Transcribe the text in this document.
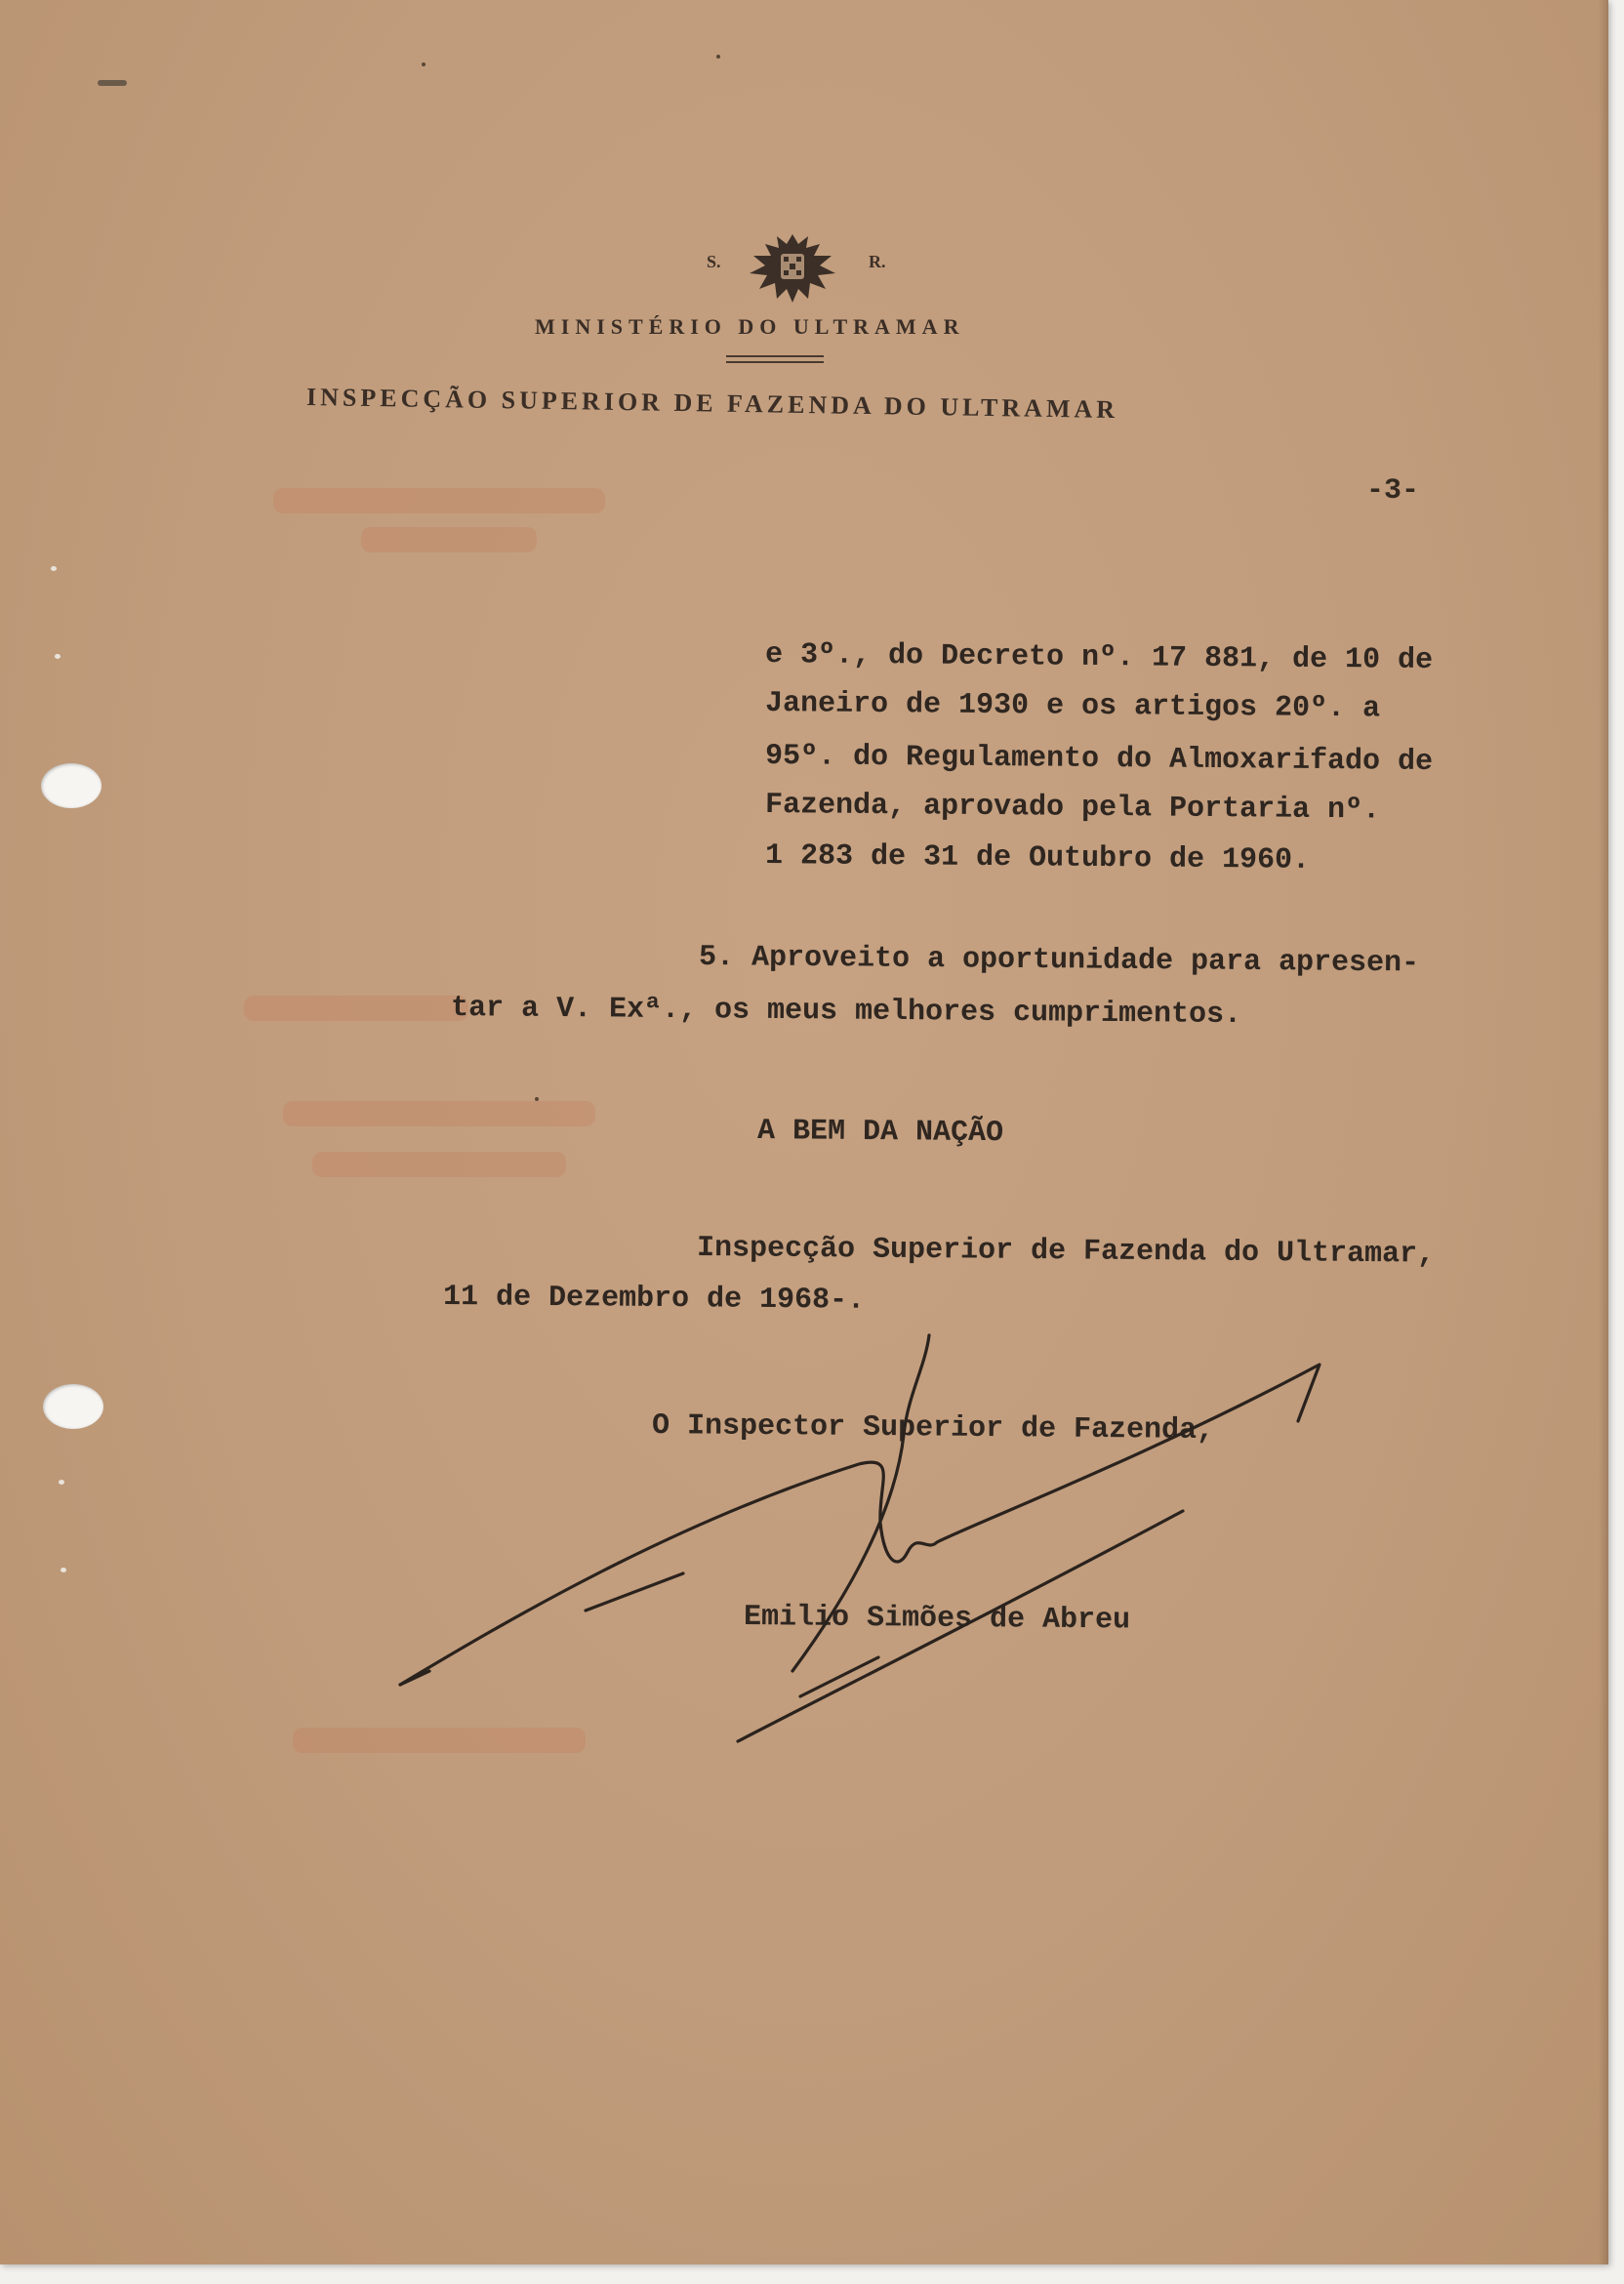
S.	R.
MINISTÉRIO DO ULTRAMAR
INSPECÇÃO SUPERIOR DE FAZENDA DO ULTRAMAR
-3-
e 3º., do Decreto nº. 17 881, de 10 de
Janeiro de 1930 e os artigos 20º. a
95º. do Regulamento do Almoxarifado de
Fazenda, aprovado pela Portaria nº.
1 283 de 31 de Outubro de 1960.
5. Aproveito a oportunidade para apresen-
tar a V. Exª., os meus melhores cumprimentos.
A BEM DA NAÇÃO
Inspecção Superior de Fazenda do Ultramar,
11 de Dezembro de 1968-.
O Inspector Superior de Fazenda,
Emilio Simões de Abreu
